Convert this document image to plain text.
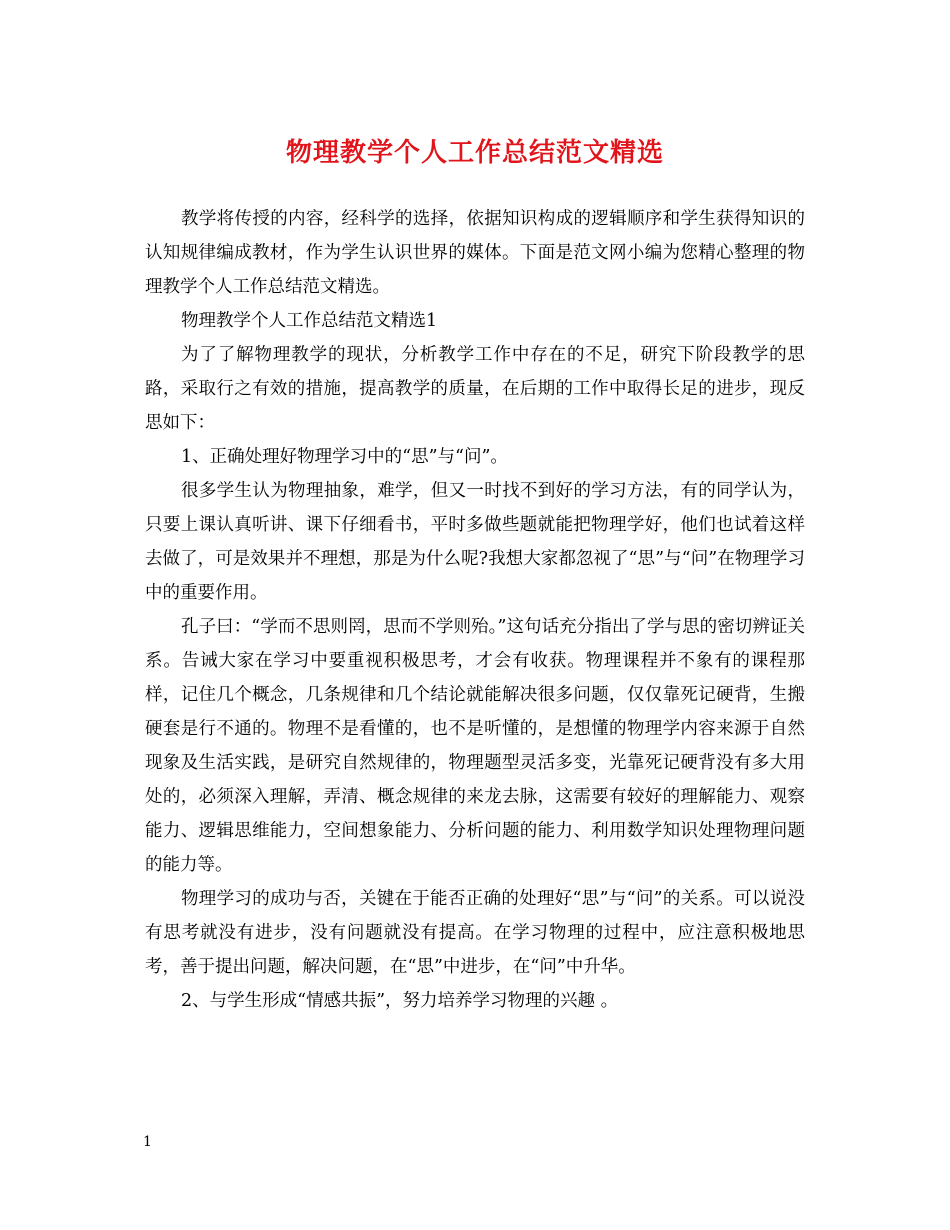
物理教学个人工作总结范文精选

教学将传授的内容，经科学的选择，依据知识构成的逻辑顺序和学生获得知识的认知规律编成教材，作为学生认识世界的媒体。下面是范文网小编为您精心整理的物理教学个人工作总结范文精选。

物理教学个人工作总结范文精选1

为了了解物理教学的现状，分析教学工作中存在的不足，研究下阶段教学的思路，采取行之有效的措施，提高教学的质量，在后期的工作中取得长足的进步，现反思如下：

1、正确处理好物理学习中的“思”与“问”。

很多学生认为物理抽象，难学，但又一时找不到好的学习方法，有的同学认为，只要上课认真听讲、课下仔细看书，平时多做些题就能把物理学好，他们也试着这样去做了，可是效果并不理想，那是为什么呢?我想大家都忽视了“思”与“问”在物理学习中的重要作用。

孔子曰：“学而不思则罔，思而不学则殆。”这句话充分指出了学与思的密切辨证关系。告诫大家在学习中要重视积极思考，才会有收获。物理课程并不象有的课程那样，记住几个概念，几条规律和几个结论就能解决很多问题，仅仅靠死记硬背，生搬硬套是行不通的。物理不是看懂的，也不是听懂的，是想懂的物理学内容来源于自然现象及生活实践，是研究自然规律的，物理题型灵活多变，光靠死记硬背没有多大用处的，必须深入理解，弄清、概念规律的来龙去脉，这需要有较好的理解能力、观察能力、逻辑思维能力，空间想象能力、分析问题的能力、利用数学知识处理物理问题的能力等。

物理学习的成功与否，关键在于能否正确的处理好“思”与“问”的关系。可以说没有思考就没有进步，没有问题就没有提高。在学习物理的过程中，应注意积极地思考，善于提出问题，解决问题，在“思”中进步，在“问”中升华。

2、与学生形成“情感共振”，努力培养学习物理的兴趣 。

1
